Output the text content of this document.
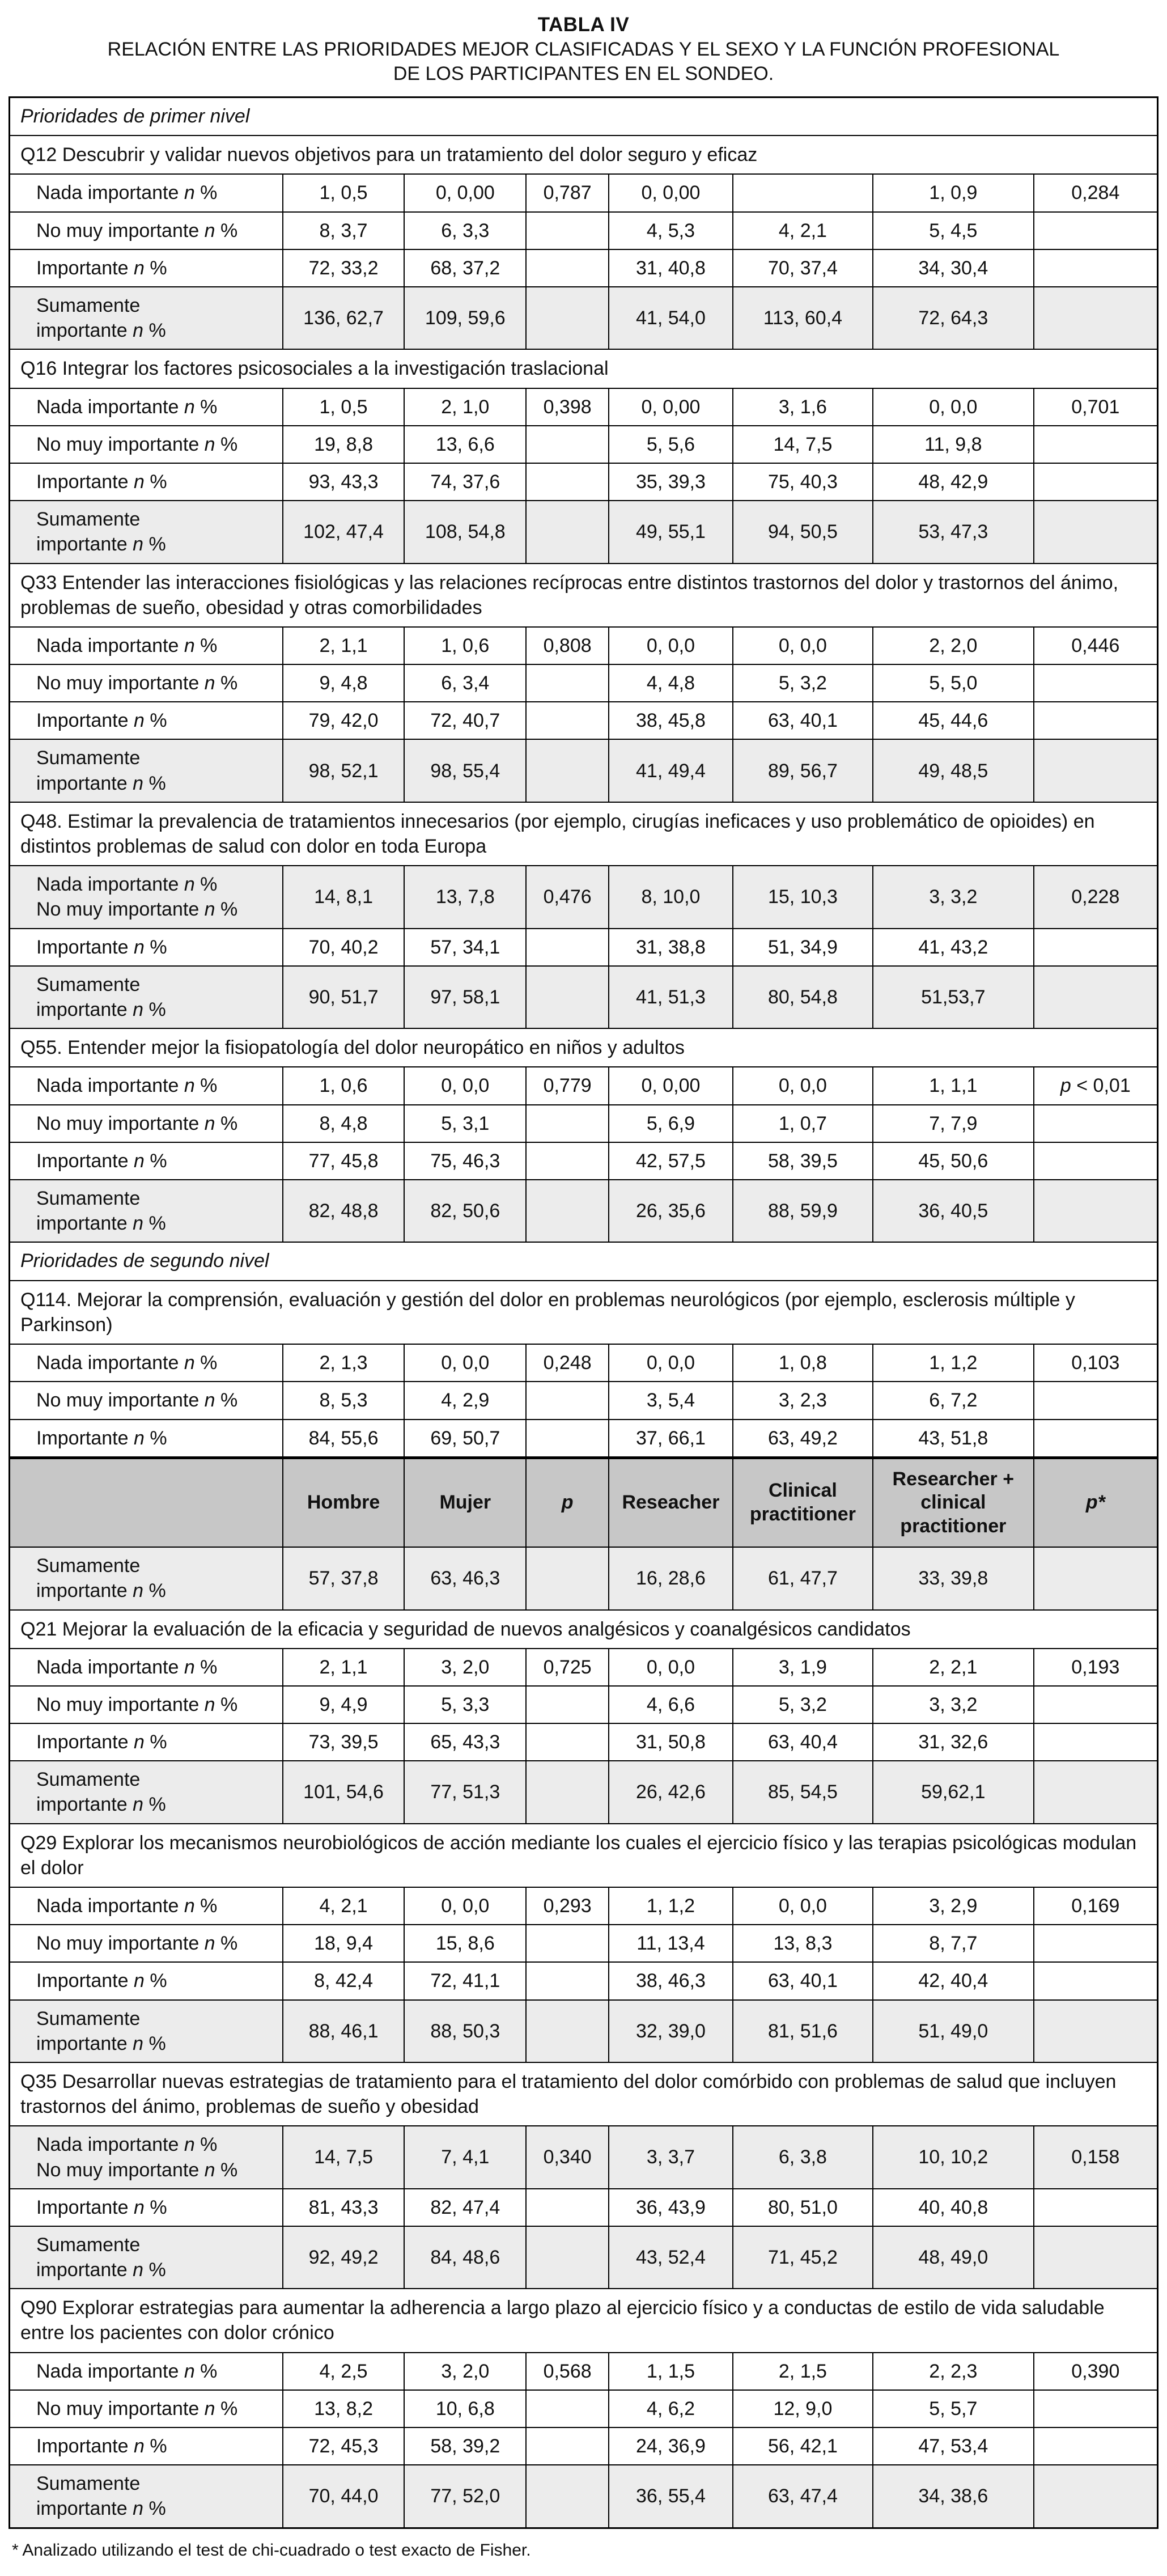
TABLA IV
RELACIÓN ENTRE LAS PRIORIDADES MEJOR CLASIFICADAS Y EL SEXO Y LA FUNCIÓN PROFESIONAL
DE LOS PARTICIPANTES EN EL SONDEO.
Prioridades de primer nivel							
Q12 Descubrir y validar nuevos objetivos para un tratamiento del dolor seguro y eficaz							
Nada importante n %	1, 0,5	0, 0,00	0,787	0, 0,00		1, 0,9	0,284
No muy importante n %	8, 3,7	6, 3,3		4, 5,3	4, 2,1	5, 4,5	
Importante n %	72, 33,2	68, 37,2		31, 40,8	70, 37,4	34, 30,4	
Sumamente
importante n %	136, 62,7	109, 59,6		41, 54,0	113, 60,4	72, 64,3	
Q16 Integrar los factores psicosociales a la investigación traslacional							
Nada importante n %	1, 0,5	2, 1,0	0,398	0, 0,00	3, 1,6	0, 0,0	0,701
No muy importante n %	19, 8,8	13, 6,6		5, 5,6	14, 7,5	11, 9,8	
Importante n %	93, 43,3	74, 37,6		35, 39,3	75, 40,3	48, 42,9	
Sumamente
importante n %	102, 47,4	108, 54,8		49, 55,1	94, 50,5	53, 47,3	
Q33 Entender las interacciones fisiológicas y las relaciones recíprocas entre distintos trastornos del dolor y trastornos del ánimo, problemas de sueño, obesidad y otras comorbilidades							
Nada importante n %	2, 1,1	1, 0,6	0,808	0, 0,0	0, 0,0	2, 2,0	0,446
No muy importante n %	9, 4,8	6, 3,4		4, 4,8	5, 3,2	5, 5,0	
Importante n %	79, 42,0	72, 40,7		38, 45,8	63, 40,1	45, 44,6	
Sumamente
importante n %	98, 52,1	98, 55,4		41, 49,4	89, 56,7	49, 48,5	
Q48. Estimar la prevalencia de tratamientos innecesarios (por ejemplo, cirugías ineficaces y uso problemático de opioides) en distintos problemas de salud con dolor en toda Europa							
Nada importante n %
No muy importante n %	14, 8,1	13, 7,8	0,476	8, 10,0	15, 10,3	3, 3,2	0,228
Importante n %	70, 40,2	57, 34,1		31, 38,8	51, 34,9	41, 43,2	
Sumamente
importante n %	90, 51,7	97, 58,1		41, 51,3	80, 54,8	51,53,7	
Q55. Entender mejor la fisiopatología del dolor neuropático en niños y adultos							
Nada importante n %	1, 0,6	0, 0,0	0,779	0, 0,00	0, 0,0	1, 1,1	p < 0,01
No muy importante n %	8, 4,8	5, 3,1		5, 6,9	1, 0,7	7, 7,9	
Importante n %	77, 45,8	75, 46,3		42, 57,5	58, 39,5	45, 50,6	
Sumamente
importante n %	82, 48,8	82, 50,6		26, 35,6	88, 59,9	36, 40,5	
Prioridades de segundo nivel							
Q114. Mejorar la comprensión, evaluación y gestión del dolor en problemas neurológicos (por ejemplo, esclerosis múltiple y Parkinson)							
Nada importante n %	2, 1,3	0, 0,0	0,248	0, 0,0	1, 0,8	1, 1,2	0,103
No muy importante n %	8, 5,3	4, 2,9		3, 5,4	3, 2,3	6, 7,2	
Importante n %	84, 55,6	69, 50,7		37, 66,1	63, 49,2	43, 51,8	
	Hombre	Mujer	p	Reseacher	Clinical practitioner	Researcher + clinical practitioner	p*
Sumamente
importante n %	57, 37,8	63, 46,3		16, 28,6	61, 47,7	33, 39,8	
Q21 Mejorar la evaluación de la eficacia y seguridad de nuevos analgésicos y coanalgésicos candidatos							
Nada importante n %	2, 1,1	3, 2,0	0,725	0, 0,0	3, 1,9	2, 2,1	0,193
No muy importante n %	9, 4,9	5, 3,3		4, 6,6	5, 3,2	3, 3,2	
Importante n %	73, 39,5	65, 43,3		31, 50,8	63, 40,4	31, 32,6	
Sumamente
importante n %	101, 54,6	77, 51,3		26, 42,6	85, 54,5	59,62,1	
Q29 Explorar los mecanismos neurobiológicos de acción mediante los cuales el ejercicio físico y las terapias psicológicas modulan el dolor							
Nada importante n %	4, 2,1	0, 0,0	0,293	1, 1,2	0, 0,0	3, 2,9	0,169
No muy importante n %	18, 9,4	15, 8,6		11, 13,4	13, 8,3	8, 7,7	
Importante n %	8, 42,4	72, 41,1		38, 46,3	63, 40,1	42, 40,4	
Sumamente
importante n %	88, 46,1	88, 50,3		32, 39,0	81, 51,6	51, 49,0	
Q35 Desarrollar nuevas estrategias de tratamiento para el tratamiento del dolor comórbido con problemas de salud que incluyen trastornos del ánimo, problemas de sueño y obesidad							
Nada importante n %
No muy importante n %	14, 7,5	7, 4,1	0,340	3, 3,7	6, 3,8	10, 10,2	0,158
Importante n %	81, 43,3	82, 47,4		36, 43,9	80, 51,0	40, 40,8	
Sumamente
importante n %	92, 49,2	84, 48,6		43, 52,4	71, 45,2	48, 49,0	
Q90 Explorar estrategias para aumentar la adherencia a largo plazo al ejercicio físico y a conductas de estilo de vida saludable entre los pacientes con dolor crónico							
Nada importante n %	4, 2,5	3, 2,0	0,568	1, 1,5	2, 1,5	2, 2,3	0,390
No muy importante n %	13, 8,2	10, 6,8		4, 6,2	12, 9,0	5, 5,7	
Importante n %	72, 45,3	58, 39,2		24, 36,9	56, 42,1	47, 53,4	
Sumamente
importante n %	70, 44,0	77, 52,0		36, 55,4	63, 47,4	34, 38,6	
* Analizado utilizando el test de chi-cuadrado o test exacto de Fisher.
